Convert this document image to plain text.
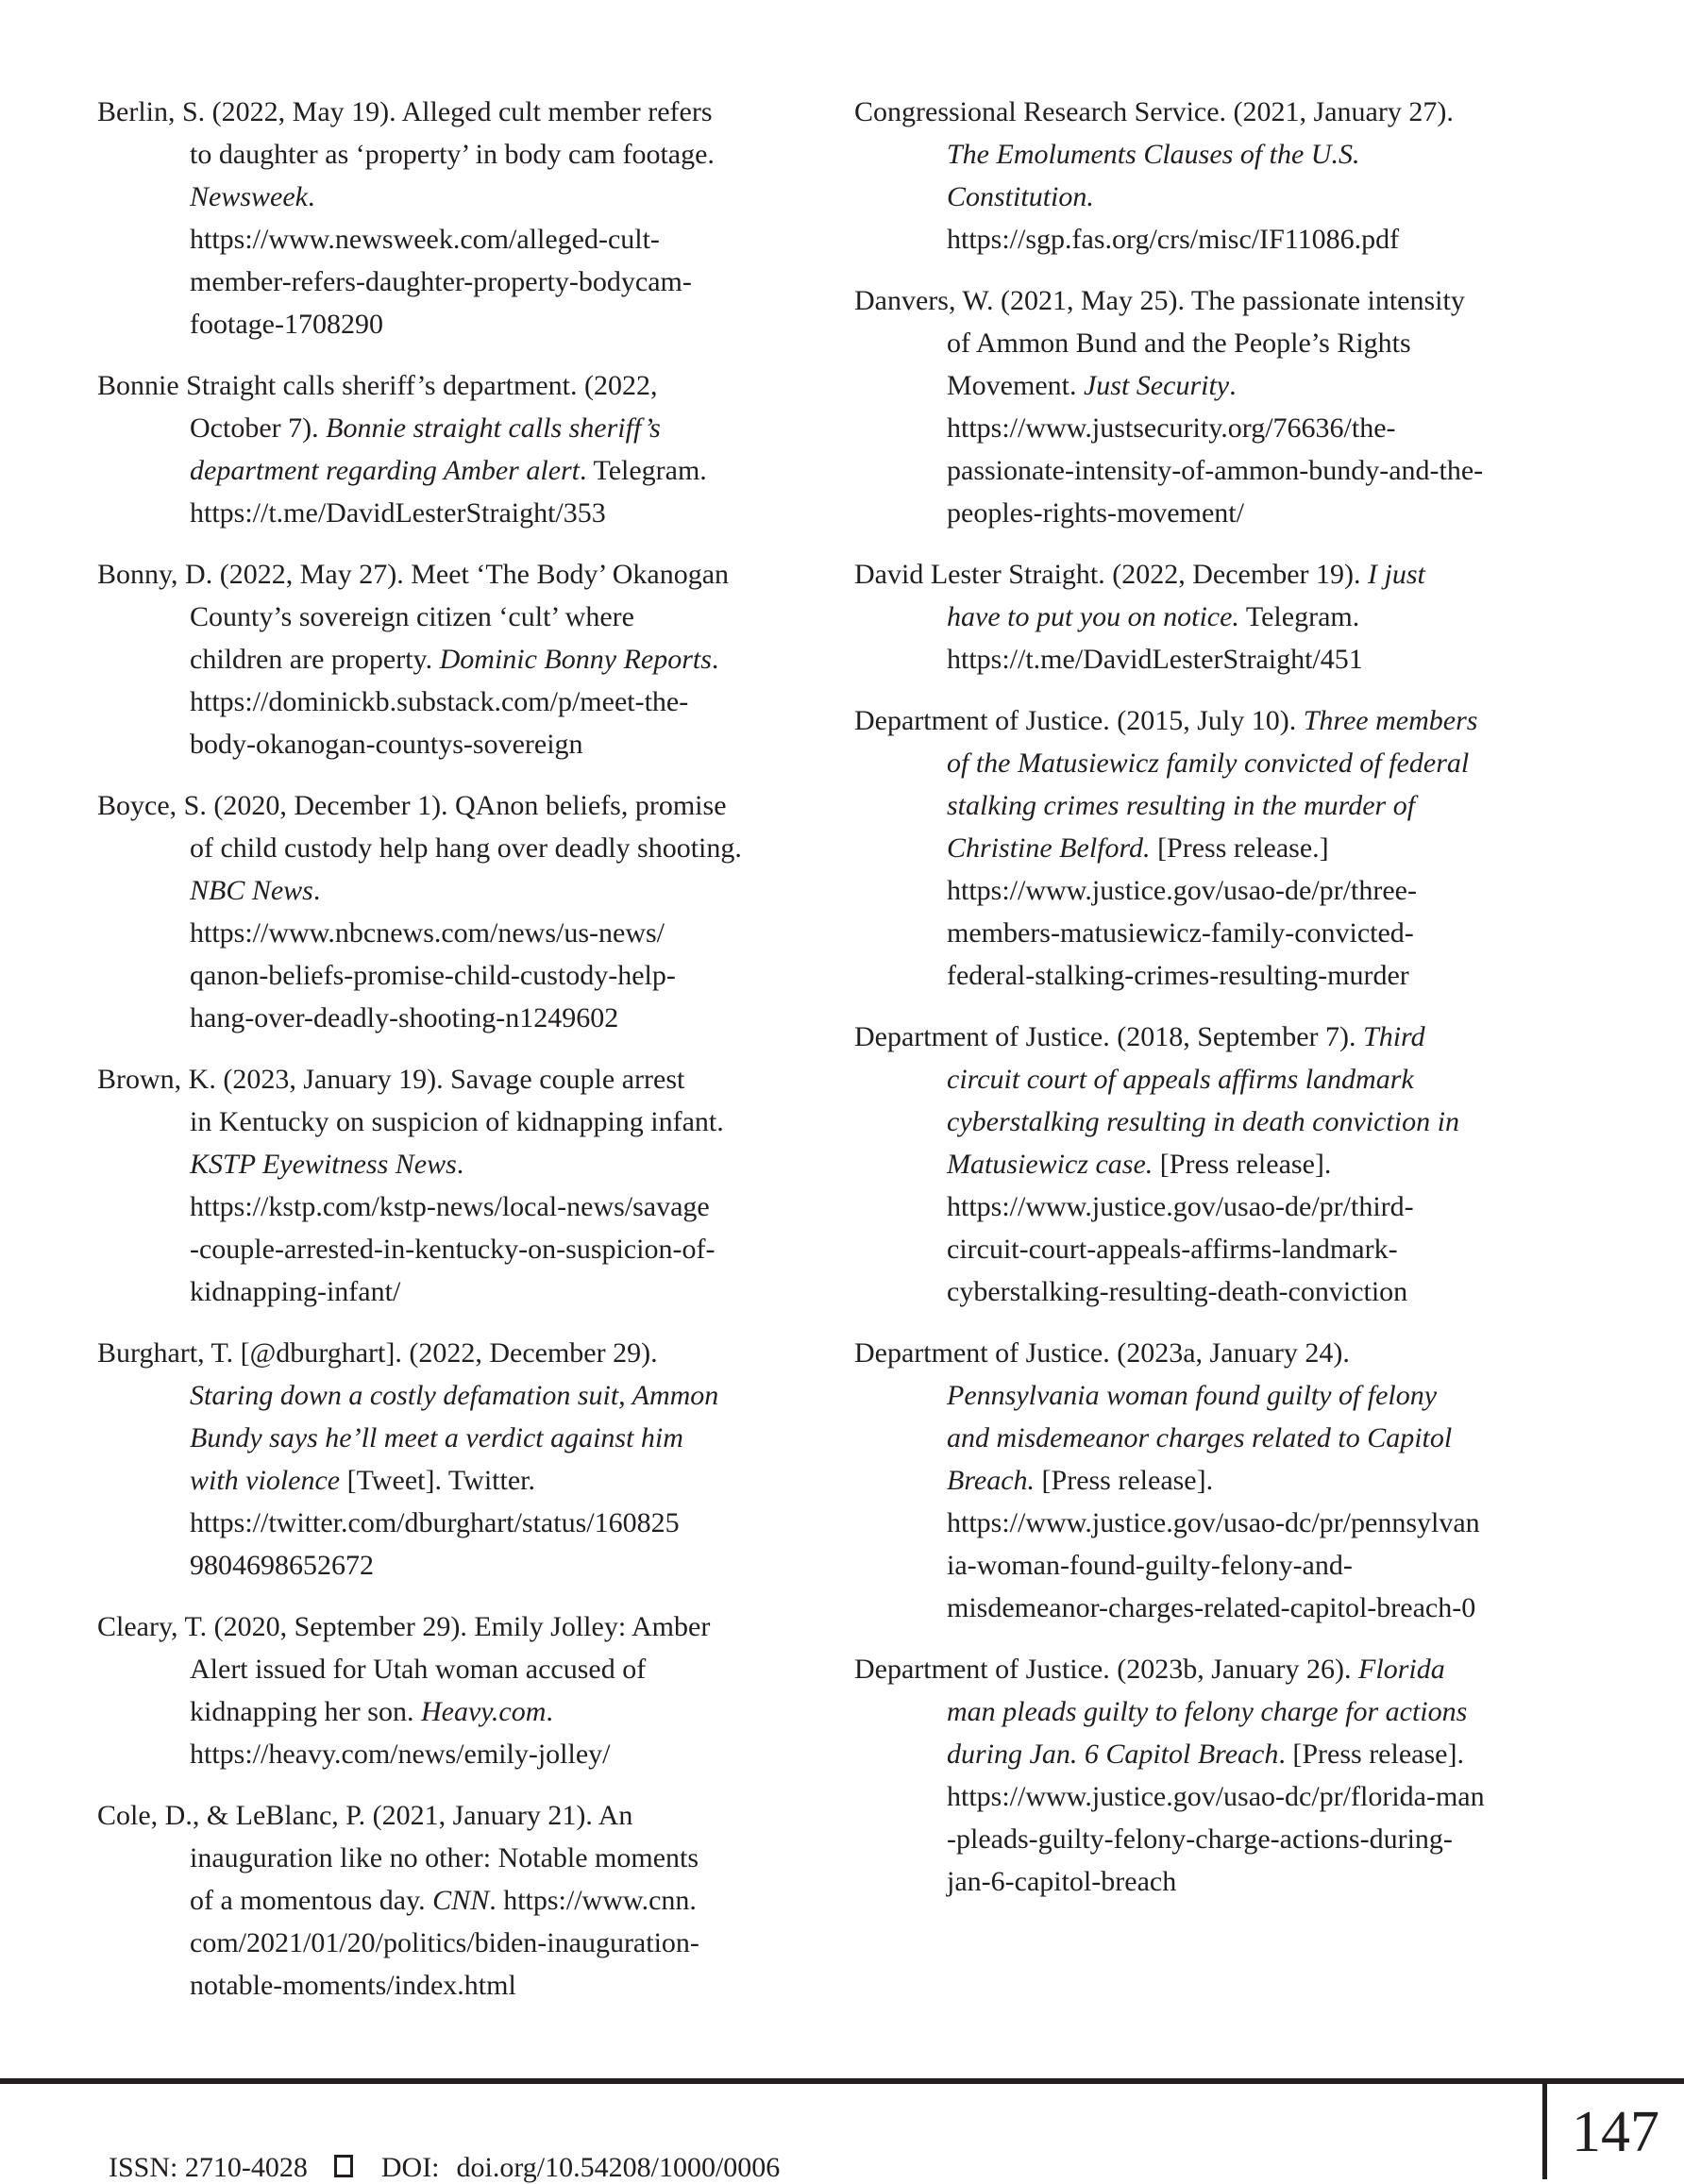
Berlin, S. (2022, May 19). Alleged cult member refers
to daughter as ‘property’ in body cam footage.
Newsweek.
https://www.newsweek.com/alleged-cult-
member-refers-daughter-property-bodycam-
footage-1708290
Bonnie Straight calls sheriff’s department. (2022,
October 7). Bonnie straight calls sheriff’s
department regarding Amber alert. Telegram.
https://t.me/DavidLesterStraight/353
Bonny, D. (2022, May 27). Meet ‘The Body’ Okanogan
County’s sovereign citizen ‘cult’ where
children are property. Dominic Bonny Reports.
https://dominickb.substack.com/p/meet-the-
body-okanogan-countys-sovereign
Boyce, S. (2020, December 1). QAnon beliefs, promise
of child custody help hang over deadly shooting.
NBC News.
https://www.nbcnews.com/news/us-news/
qanon-beliefs-promise-child-custody-help-
hang-over-deadly-shooting-n1249602
Brown, K. (2023, January 19). Savage couple arrest
in Kentucky on suspicion of kidnapping infant.
KSTP Eyewitness News.
https://kstp.com/kstp-news/local-news/savage
-couple-arrested-in-kentucky-on-suspicion-of-
kidnapping-infant/
Burghart, T. [@dburghart]. (2022, December 29).
Staring down a costly defamation suit, Ammon
Bundy says he’ll meet a verdict against him
with violence [Tweet]. Twitter.
https://twitter.com/dburghart/status/160825
9804698652672
Cleary, T. (2020, September 29). Emily Jolley: Amber
Alert issued for Utah woman accused of
kidnapping her son. Heavy.com.
https://heavy.com/news/emily-jolley/
Cole, D., & LeBlanc, P. (2021, January 21). An
inauguration like no other: Notable moments
of a momentous day. CNN. https://www.cnn.
com/2021/01/20/politics/biden-inauguration-
notable-moments/index.html
Congressional Research Service. (2021, January 27).
The Emoluments Clauses of the U.S.
Constitution.
https://sgp.fas.org/crs/misc/IF11086.pdf
Danvers, W. (2021, May 25). The passionate intensity
of Ammon Bund and the People’s Rights
Movement. Just Security.
https://www.justsecurity.org/76636/the-
passionate-intensity-of-ammon-bundy-and-the-
peoples-rights-movement/
David Lester Straight. (2022, December 19). I just
have to put you on notice. Telegram.
https://t.me/DavidLesterStraight/451
Department of Justice. (2015, July 10). Three members
of the Matusiewicz family convicted of federal
stalking crimes resulting in the murder of
Christine Belford. [Press release.]
https://www.justice.gov/usao-de/pr/three-
members-matusiewicz-family-convicted-
federal-stalking-crimes-resulting-murder
Department of Justice. (2018, September 7). Third
circuit court of appeals affirms landmark
cyberstalking resulting in death conviction in
Matusiewicz case. [Press release].
https://www.justice.gov/usao-de/pr/third-
circuit-court-appeals-affirms-landmark-
cyberstalking-resulting-death-conviction
Department of Justice. (2023a, January 24).
Pennsylvania woman found guilty of felony
and misdemeanor charges related to Capitol
Breach. [Press release].
https://www.justice.gov/usao-dc/pr/pennsylvan
ia-woman-found-guilty-felony-and-
misdemeanor-charges-related-capitol-breach-0
Department of Justice. (2023b, January 26). Florida
man pleads guilty to felony charge for actions
during Jan. 6 Capitol Breach. [Press release].
https://www.justice.gov/usao-dc/pr/florida-man
-pleads-guilty-felony-charge-actions-during-
jan-6-capitol-breach

ISSN: 2710-4028	DOI: doi.org/10.54208/1000/0006

147
